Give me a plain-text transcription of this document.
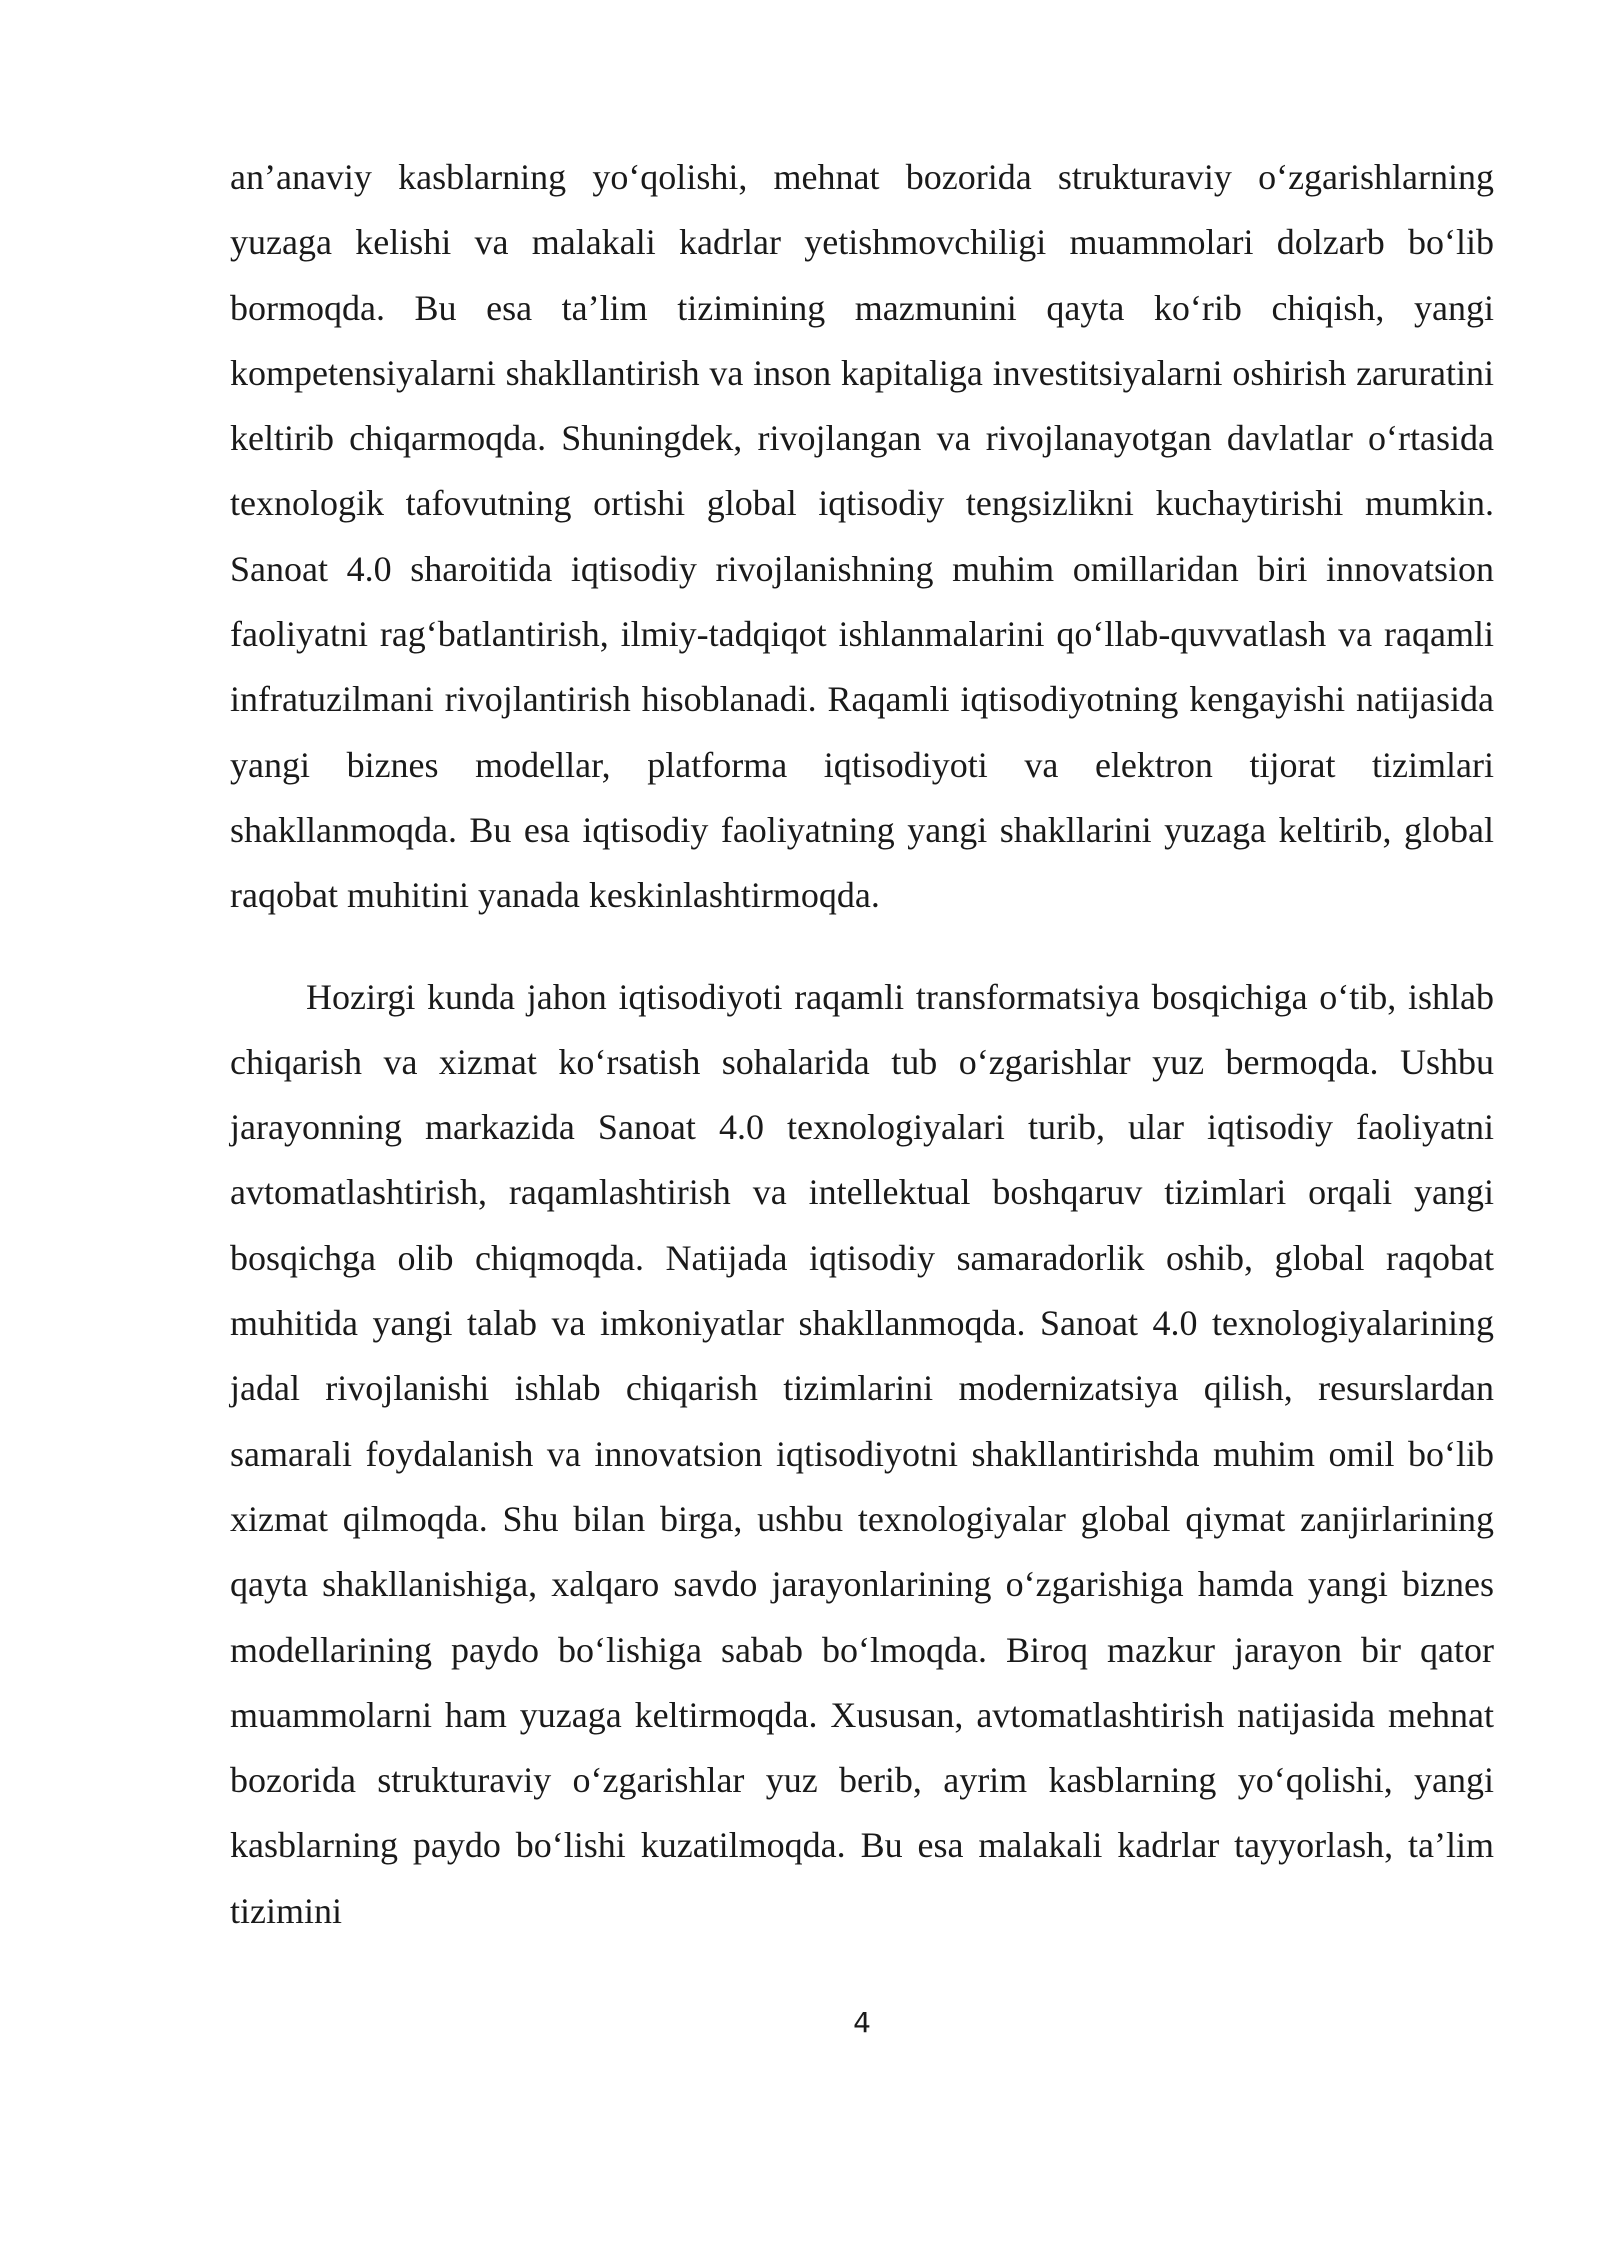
an’anaviy kasblarning yo‘qolishi, mehnat bozorida strukturaviy o‘zgarishlarning yuzaga kelishi va malakali kadrlar yetishmovchiligi muammolari dolzarb bo‘lib bormoqda. Bu esa ta’lim tizimining mazmunini qayta ko‘rib chiqish, yangi kompetensiyalarni shakllantirish va inson kapitaliga investitsiyalarni oshirish zaruratini keltirib chiqarmoqda. Shuningdek, rivojlangan va rivojlanayotgan davlatlar o‘rtasida texnologik tafovutning ortishi global iqtisodiy tengsizlikni kuchaytirishi mumkin. Sanoat 4.0 sharoitida iqtisodiy rivojlanishning muhim omillaridan biri innovatsion faoliyatni rag‘batlantirish, ilmiy-tadqiqot ishlanmalarini qo‘llab-quvvatlash va raqamli infratuzilmani rivojlantirish hisoblanadi. Raqamli iqtisodiyotning kengayishi natijasida yangi biznes modellar, platforma iqtisodiyoti va elektron tijorat tizimlari shakllanmoqda. Bu esa iqtisodiy faoliyatning yangi shakllarini yuzaga keltirib, global raqobat muhitini yanada keskinlashtirmoqda.

Hozirgi kunda jahon iqtisodiyoti raqamli transformatsiya bosqichiga o‘tib, ishlab chiqarish va xizmat ko‘rsatish sohalarida tub o‘zgarishlar yuz bermoqda. Ushbu jarayonning markazida Sanoat 4.0 texnologiyalari turib, ular iqtisodiy faoliyatni avtomatlashtirish, raqamlashtirish va intellektual boshqaruv tizimlari orqali yangi bosqichga olib chiqmoqda. Natijada iqtisodiy samaradorlik oshib, global raqobat muhitida yangi talab va imkoniyatlar shakllanmoqda. Sanoat 4.0 texnologiyalarining jadal rivojlanishi ishlab chiqarish tizimlarini modernizatsiya qilish, resurslardan samarali foydalanish va innovatsion iqtisodiyotni shakllantirishda muhim omil bo‘lib xizmat qilmoqda. Shu bilan birga, ushbu texnologiyalar global qiymat zanjirlarining qayta shakllanishiga, xalqaro savdo jarayonlarining o‘zgarishiga hamda yangi biznes modellarining paydo bo‘lishiga sabab bo‘lmoqda. Biroq mazkur jarayon bir qator muammolarni ham yuzaga keltirmoqda. Xususan, avtomatlashtirish natijasida mehnat bozorida strukturaviy o‘zgarishlar yuz berib, ayrim kasblarning yo‘qolishi, yangi kasblarning paydo bo‘lishi kuzatilmoqda. Bu esa malakali kadrlar tayyorlash, ta’lim tizimini

4
